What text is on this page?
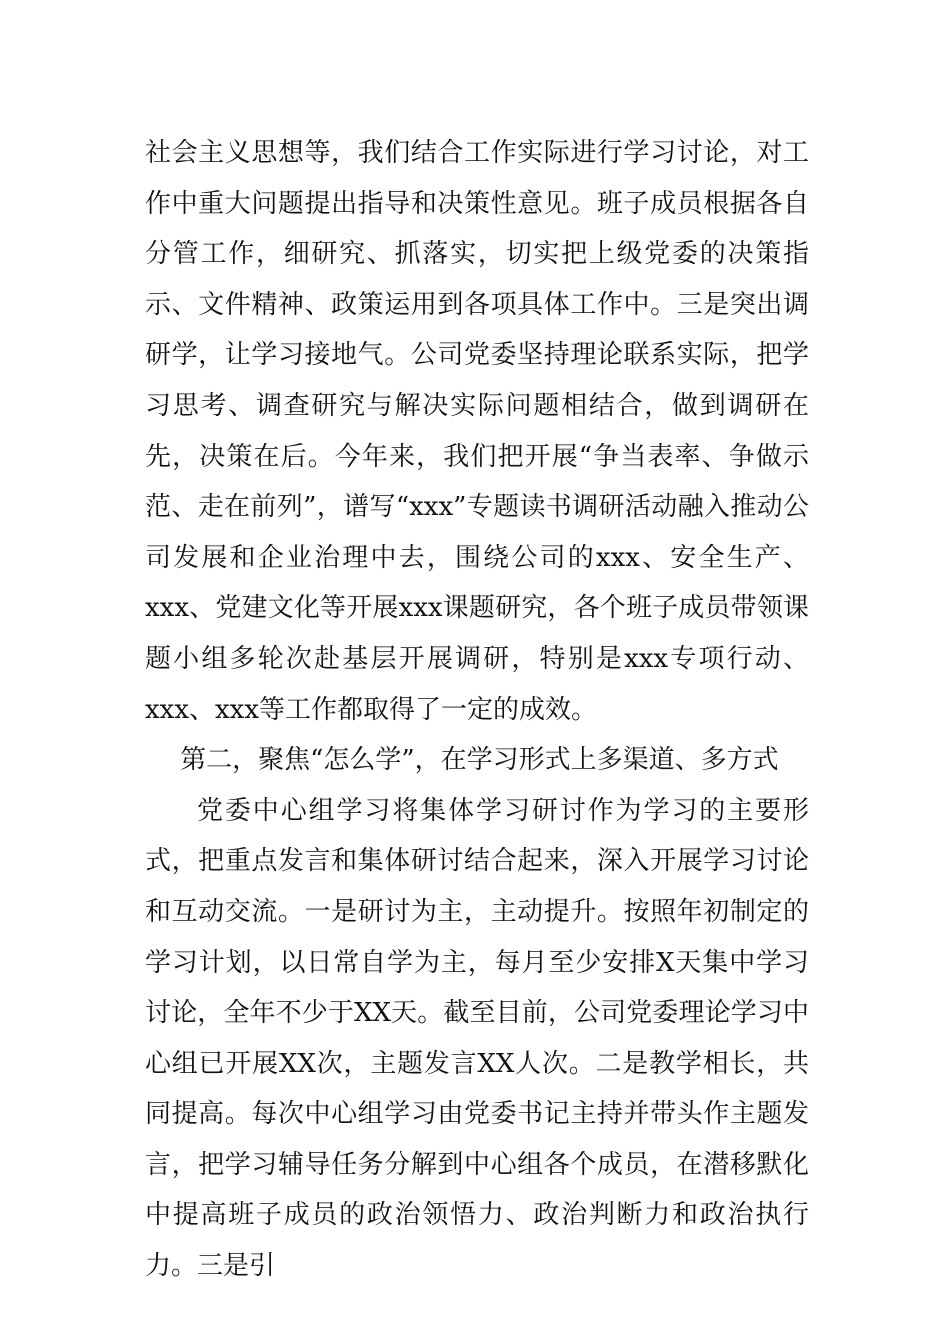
社会主义思想等，我们结合工作实际进行学习讨论，对工作中重大问题提出指导和决策性意见。班子成员根据各自分管工作，细研究、抓落实，切实把上级党委的决策指示、文件精神、政策运用到各项具体工作中。三是突出调研学，让学习接地气。公司党委坚持理论联系实际，把学习思考、调查研究与解决实际问题相结合，做到调研在先，决策在后。今年来，我们把开展“争当表率、争做示范、走在前列”，谱写“xxx”专题读书调研活动融入推动公司发展和企业治理中去，围绕公司的xxx、安全生产、xxx、党建文化等开展xxx课题研究，各个班子成员带领课题小组多轮次赴基层开展调研，特别是xxx专项行动、xxx、xxx等工作都取得了一定的成效。

第二，聚焦“怎么学”，在学习形式上多渠道、多方式

党委中心组学习将集体学习研讨作为学习的主要形式，把重点发言和集体研讨结合起来，深入开展学习讨论和互动交流。一是研讨为主，主动提升。按照年初制定的学习计划，以日常自学为主，每月至少安排X天集中学习讨论，全年不少于XX天。截至目前，公司党委理论学习中心组已开展XX次，主题发言XX人次。二是教学相长，共同提高。每次中心组学习由党委书记主持并带头作主题发言，把学习辅导任务分解到中心组各个成员，在潜移默化中提高班子成员的政治领悟力、政治判断力和政治执行力。三是引
